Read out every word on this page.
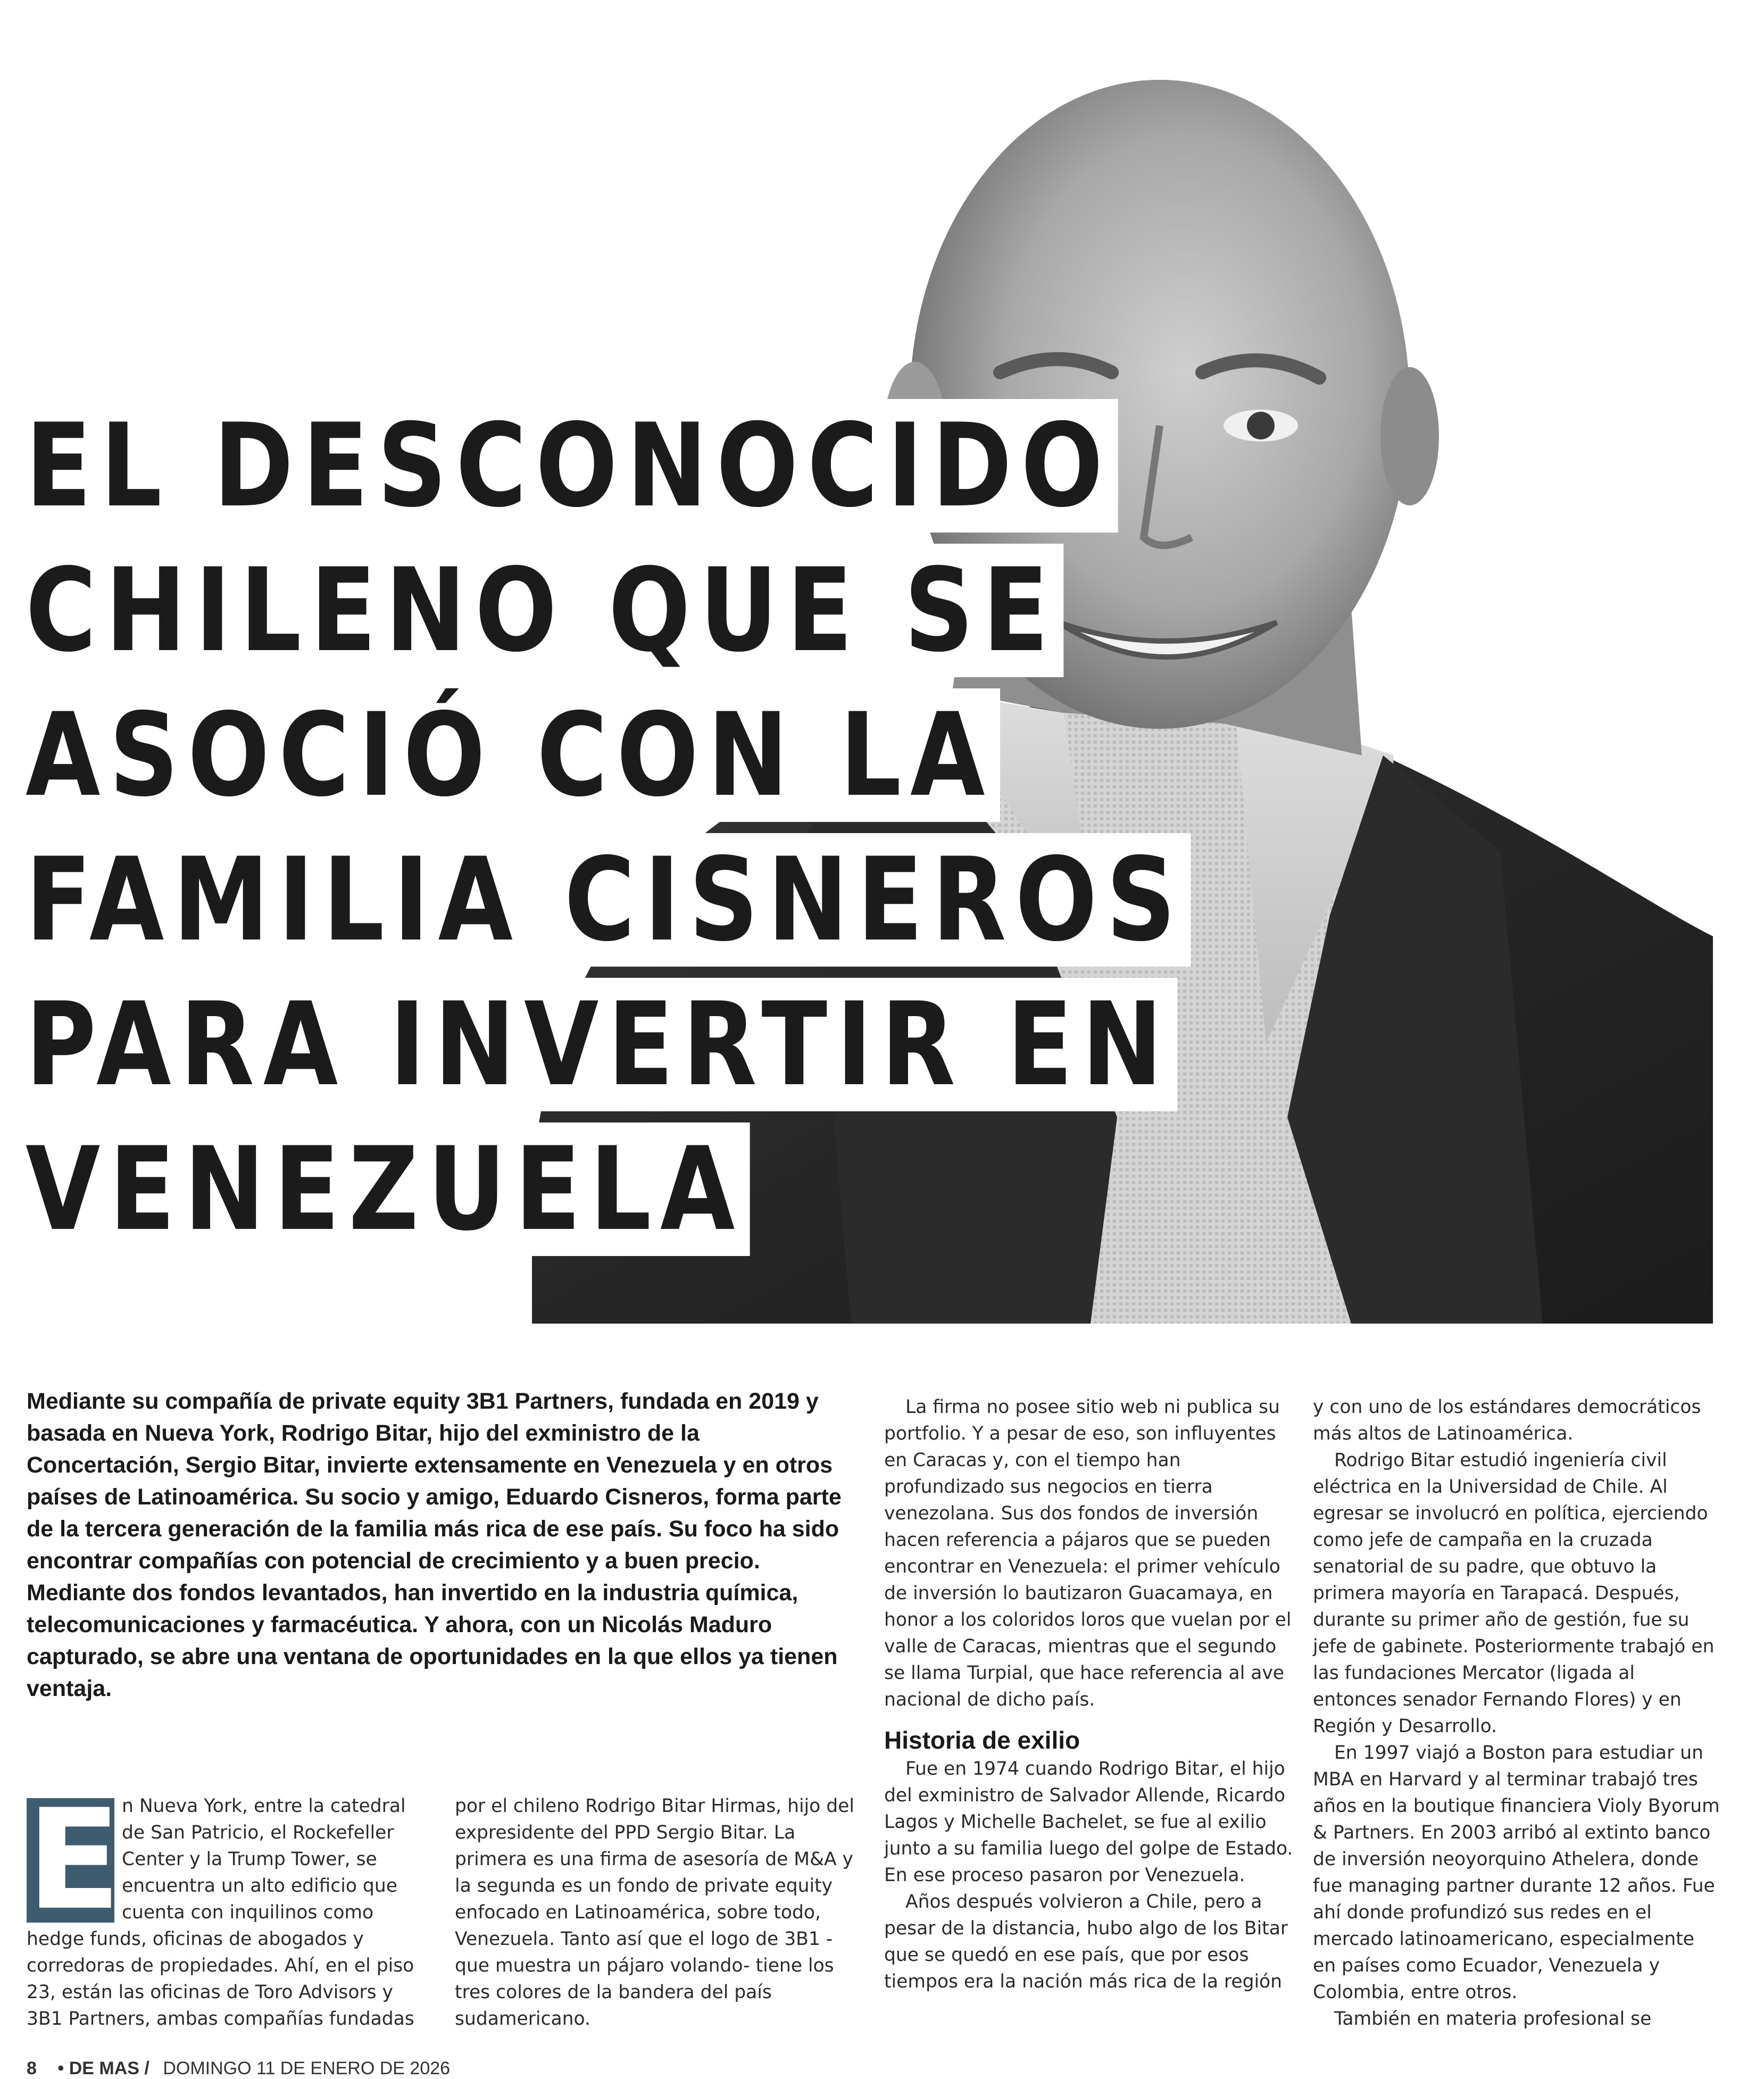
EL DESCONOCIDO
CHILENO QUE SE
ASOCIÓ CON LA
FAMILIA CISNEROS
PARA INVERTIR EN
VENEZUELA

Mediante su compañía de private equity 3B1 Partners, fundada en 2019 y basada en Nueva York, Rodrigo Bitar, hijo del exministro de la Concertación, Sergio Bitar, invierte extensamente en Venezuela y en otros países de Latinoamérica. Su socio y amigo, Eduardo Cisneros, forma parte de la tercera generación de la familia más rica de ese país. Su foco ha sido encontrar compañías con potencial de crecimiento y a buen precio. Mediante dos fondos levantados, han invertido en la industria química, telecomunicaciones y farmacéutica. Y ahora, con un Nicolás Maduro capturado, se abre una ventana de oportunidades en la que ellos ya tienen ventaja.

E n Nueva York, entre la catedral de San Patricio, el Rockefeller Center y la Trump Tower, se encuentra un alto edificio que cuenta con inquilinos como hedge funds, oficinas de abogados y corredoras de propiedades. Ahí, en el piso 23, están las oficinas de Toro Advisors y 3B1 Partners, ambas compañías fundadas

por el chileno Rodrigo Bitar Hirmas, hijo del expresidente del PPD Sergio Bitar. La primera es una firma de asesoría de M&A y la segunda es un fondo de private equity enfocado en Latinoamérica, sobre todo, Venezuela. Tanto así que el logo de 3B1 -que muestra un pájaro volando- tiene los tres colores de la bandera del país sudamericano.

La firma no posee sitio web ni publica su portfolio. Y a pesar de eso, son influyentes en Caracas y, con el tiempo han profundizado sus negocios en tierra venezolana. Sus dos fondos de inversión hacen referencia a pájaros que se pueden encontrar en Venezuela: el primer vehículo de inversión lo bautizaron Guacamaya, en honor a los coloridos loros que vuelan por el valle de Caracas, mientras que el segundo se llama Turpial, que hace referencia al ave nacional de dicho país.

Historia de exilio

Fue en 1974 cuando Rodrigo Bitar, el hijo del exministro de Salvador Allende, Ricardo Lagos y Michelle Bachelet, se fue al exilio junto a su familia luego del golpe de Estado. En ese proceso pasaron por Venezuela.

Años después volvieron a Chile, pero a pesar de la distancia, hubo algo de los Bitar que se quedó en ese país, que por esos tiempos era la nación más rica de la región

y con uno de los estándares democráticos más altos de Latinoamérica.

Rodrigo Bitar estudió ingeniería civil eléctrica en la Universidad de Chile. Al egresar se involucró en política, ejerciendo como jefe de campaña en la cruzada senatorial de su padre, que obtuvo la primera mayoría en Tarapacá. Después, durante su primer año de gestión, fue su jefe de gabinete. Posteriormente trabajó en las fundaciones Mercator (ligada al entonces senador Fernando Flores) y en Región y Desarrollo.

En 1997 viajó a Boston para estudiar un MBA en Harvard y al terminar trabajó tres años en la boutique financiera Violy Byorum & Partners. En 2003 arribó al extinto banco de inversión neoyorquino Athelera, donde fue managing partner durante 12 años. Fue ahí donde profundizó sus redes en el mercado latinoamericano, especialmente en países como Ecuador, Venezuela y Colombia, entre otros.

También en materia profesional se

8 • DE MAS / DOMINGO 11 DE ENERO DE 2026
